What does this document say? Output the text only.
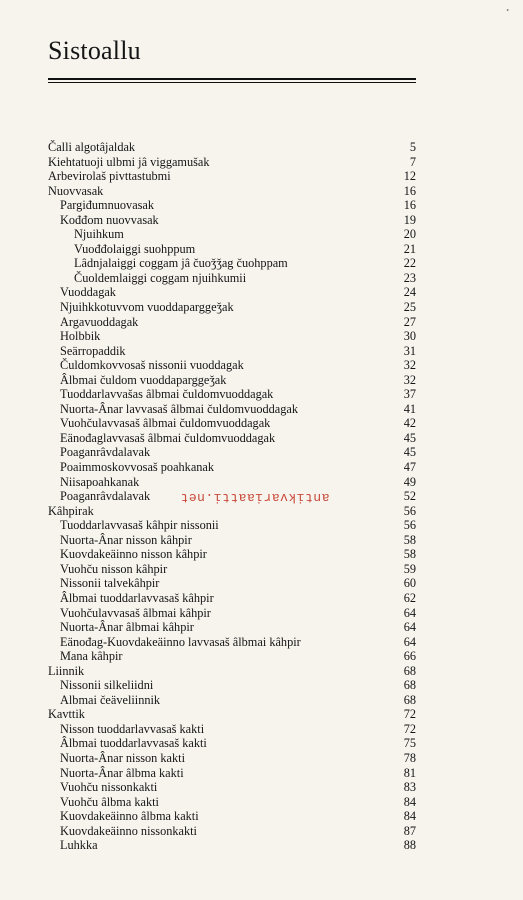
•
Sistoallu
Čalli algotâjaldak	5
Kiehtatuoji ulbmi jâ viggamušak	7
Arbevirolaš pivttastubmi	12
Nuovvasak	16
Pargiđumnuovasak	16
Kođđom nuovvasak	19
Njuihkum	20
Vuođđolaiggi suohppum	21
Lâdnjalaiggi coggam jâ čuoǯǯag čuohppam	22
Čuoldemlaiggi coggam njuihkumii	23
Vuoddagak	24
Njuihkkotuvvom vuoddaparggeǯak	25
Argavuoddagak	27
Holbbik	30
Seärropaddik	31
Čuldomkovvosaš nissonii vuoddagak	32
Âlbmai čuldom vuoddaparggeǯak	32
Tuoddarlavvašas âlbmai čuldomvuoddagak	37
Nuorta-Ânar lavvasaš âlbmai čuldomvuoddagak	41
Vuohčulavvasaš âlbmai čuldomvuoddagak	42
Eänođaglavvasaš âlbmai čuldomvuoddagak	45
Poaganrâvdalavak	45
Poaimmoskovvosaš poahkanak	47
Niisapoahkanak	49
Poaganrâvdalavak	52
Kâhpirak	56
Tuoddarlavvasaš kâhpir nissonii	56
Nuorta-Ânar nisson kâhpir	58
Kuovdakeäinno nisson kâhpir	58
Vuohču nisson kâhpir	59
Nissonii talvekâhpir	60
Âlbmai tuoddarlavvasaš kâhpir	62
Vuohčulavvasaš âlbmai kâhpir	64
Nuorta-Ânar âlbmai kâhpir	64
Eänođag-Kuovdakeäinno lavvasaš âlbmai kâhpir	64
Mana kâhpir	66
Liinnik	68
Nissonii silkeliidni	68
Albmai čeäveliinnik	68
Kavttik	72
Nisson tuoddarlavvasaš kakti	72
Âlbmai tuoddarlavvasaš kakti	75
Nuorta-Ânar nisson kakti	78
Nuorta-Ânar âlbma kakti	81
Vuohču nissonkakti	83
Vuohču âlbma kakti	84
Kuovdakeäinno âlbma kakti	84
Kuovdakeäinno nissonkakti	87
Luhkka	88
antikvariaatti.net
